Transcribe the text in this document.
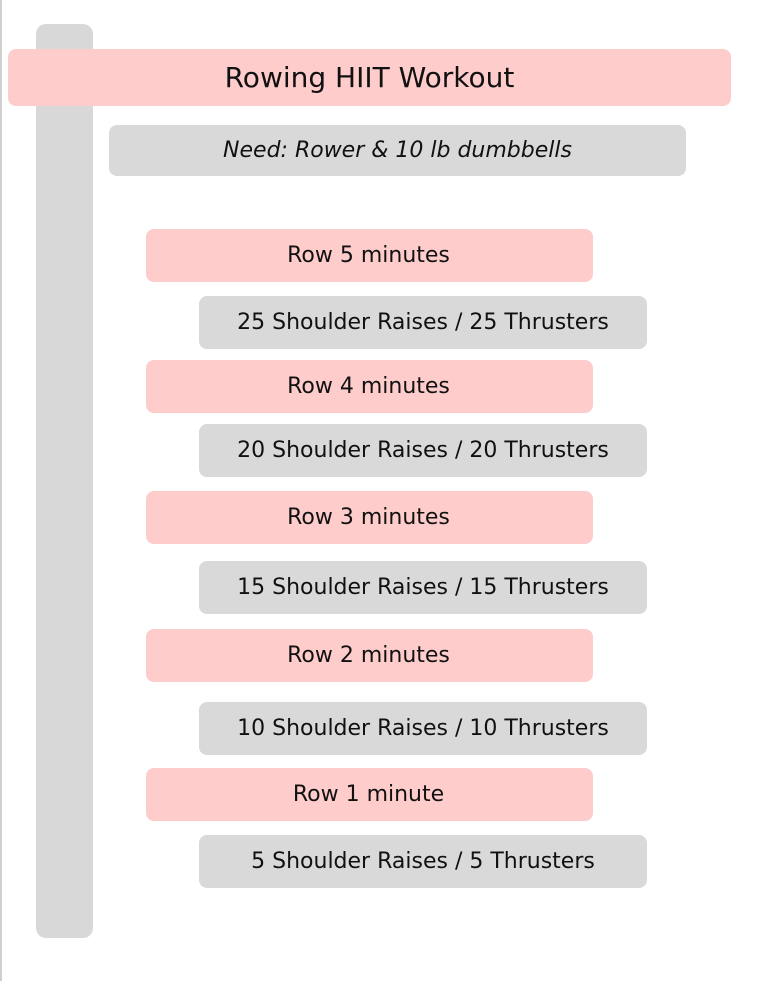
Rowing HIIT Workout
Need: Rower & 10 lb dumbbells
Row 5 minutes
25 Shoulder Raises / 25 Thrusters
Row 4 minutes
20 Shoulder Raises / 20 Thrusters
Row 3 minutes
15 Shoulder Raises / 15 Thrusters
Row 2 minutes
10 Shoulder Raises / 10 Thrusters
Row 1 minute
5 Shoulder Raises / 5 Thrusters
